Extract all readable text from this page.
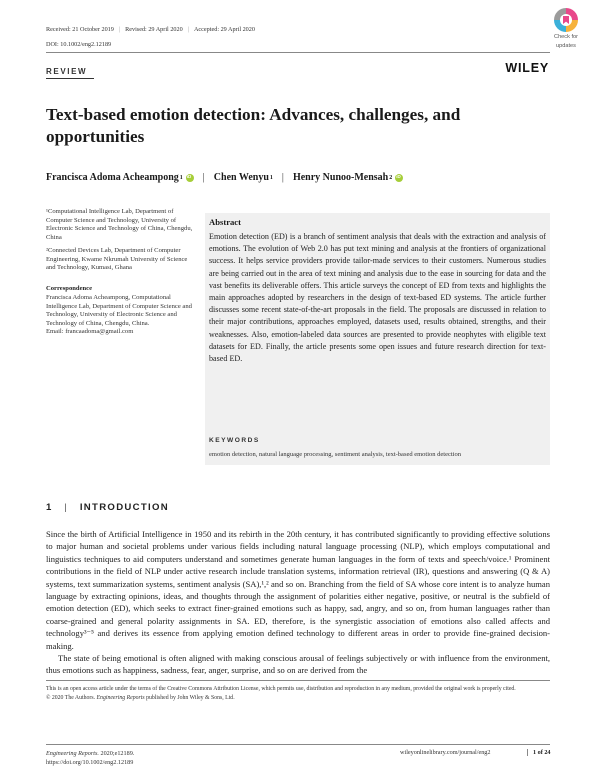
Received: 21 October 2019 | Revised: 29 April 2020 | Accepted: 29 April 2020
DOI: 10.1002/eng2.12189
Check for
updates
REVIEW	WILEY
Text-based emotion detection: Advances, challenges, and opportunities
Francisca Adoma Acheampong 1
iD | Chen Wenyu 1 | Henry Nunoo-Mensah 2
iD

¹Computational Intelligence Lab, Department of Computer Science and Technology, University of Electronic Science and Technology of China, Chengdu, China

²Connected Devices Lab, Department of Computer Engineering, Kwame Nkrumah University of Science and Technology, Kumasi, Ghana

Correspondence

Francisca Adoma Acheampong, Computational Intelligence Lab, Department of Computer Science and Technology, University of Electronic Science and Technology of China, Chengdu, China.

Email: francaadoma@gmail.com

Abstract
Emotion detection (ED) is a branch of sentiment analysis that deals with the extraction and analysis of emotions. The evolution of Web 2.0 has put text mining and analysis at the frontiers of organizational success. It helps service providers provide tailor-made services to their customers. Numerous studies are being carried out in the area of text mining and analysis due to the ease in sourcing for data and the vast benefits its deliverable offers. This article surveys the concept of ED from texts and highlights the main approaches adopted by researchers in the design of text-based ED systems. The article further discusses some recent state-of-the-art proposals in the field. The proposals are discussed in relation to their major contributions, approaches employed, datasets used, results obtained, strengths, and their weaknesses. Also, emotion-labeled data sources are presented to provide neophytes with eligible text datasets for ED. Finally, the article presents some open issues and future research direction for text-based ED.
KEYWORDS
emotion detection, natural language processing, sentiment analysis, text-based emotion detection
1 | INTRODUCTION

Since the birth of Artificial Intelligence in 1950 and its rebirth in the 20th century, it has contributed significantly to providing effective solutions to major human and societal problems under various fields including natural language processing (NLP), which employs computational and linguistics techniques to aid computers understand and sometimes generate human languages in the form of texts and speech/voice.¹ Prominent contributions in the field of NLP under active research include translation systems, information retrieval (IR), questions and answering (Q & A) systems, text summarization systems, sentiment analysis (SA),¹,² and so on. Branching from the field of SA whose core intent is to analyze human language by extracting opinions, ideas, and thoughts through the assignment of polarities either negative, positive, or neutral is the subfield of emotion detection (ED), which seeks to extract finer-grained emotions such as happy, sad, angry, and so on, from human languages rather than coarse-grained and general polarity assignments in SA. ED, therefore, is the synergistic association of emotions also called affects and technology³⁻⁵ and derives its essence from applying emotion defined technology to different areas in order to provide fine-grained decision-making.

The state of being emotional is often aligned with making conscious arousal of feelings subjectively or with influence from the environment, thus emotions such as happiness, sadness, fear, anger, surprise, and so on are derived from the

This is an open access article under the terms of the Creative Commons Attribution License, which permits use, distribution and reproduction in any medium, provided the original work is properly cited.
© 2020 The Authors. Engineering Reports published by John Wiley & Sons, Ltd.
Engineering Reports. 2020;e12189.
https://doi.org/10.1002/eng2.12189
wileyonlinelibrary.com/journal/eng2	1 of 24
